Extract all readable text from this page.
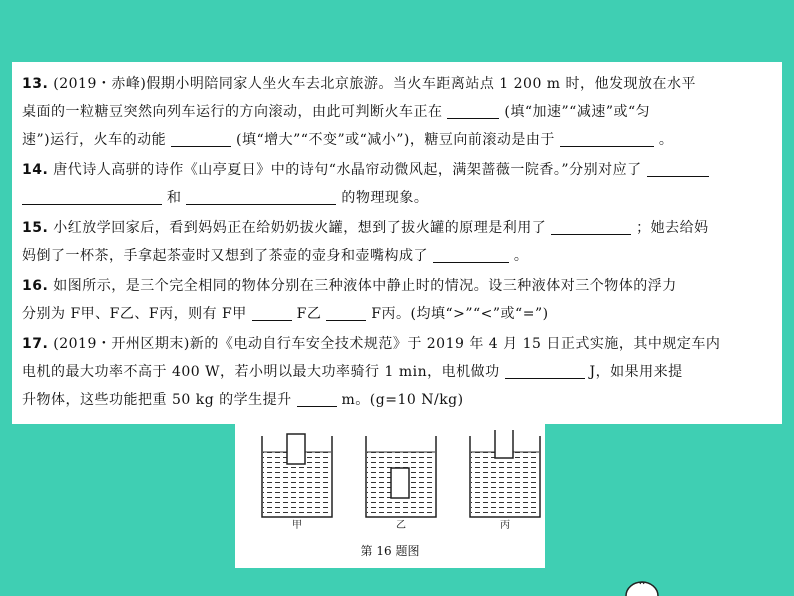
13. (2019・赤峰)假期小明陪同家人坐火车去北京旅游。当火车距离站点 1 200 m 时，他发现放在水平
桌面的一粒糖豆突然向列车运行的方向滚动，由此可判断火车正在	(填“加速”“减速”或“匀
速”)运行，火车的动能	(填“增大”“不变”或“减小”)，糖豆向前滚动是由于	。
14. 唐代诗人高骈的诗作《山亭夏日》中的诗句“水晶帘动微风起，满架蔷薇一院香。”分别对应了
和	的物理现象。
15. 小红放学回家后，看到妈妈正在给奶奶拔火罐，想到了拔火罐的原理是利用了	；她去给妈
妈倒了一杯茶，手拿起茶壶时又想到了茶壶的壶身和壶嘴构成了	。
16. 如图所示，是三个完全相同的物体分别在三种液体中静止时的情况。设三种液体对三个物体的浮力
分别为 F甲、F乙、F丙，则有 F甲	F乙	F丙。(均填“>”“<”或“=”)
17. (2019・开州区期末)新的《电动自行车安全技术规范》于 2019 年 4 月 15 日正式实施，其中规定车内
电机的最大功率不高于 400 W，若小明以最大功率骑行 1 min，电机做功	J，如果用来提
升物体，这些功能把重 50 kg 的学生提升	m。(g=10 N/kg)
甲	乙	丙
第 16 题图
